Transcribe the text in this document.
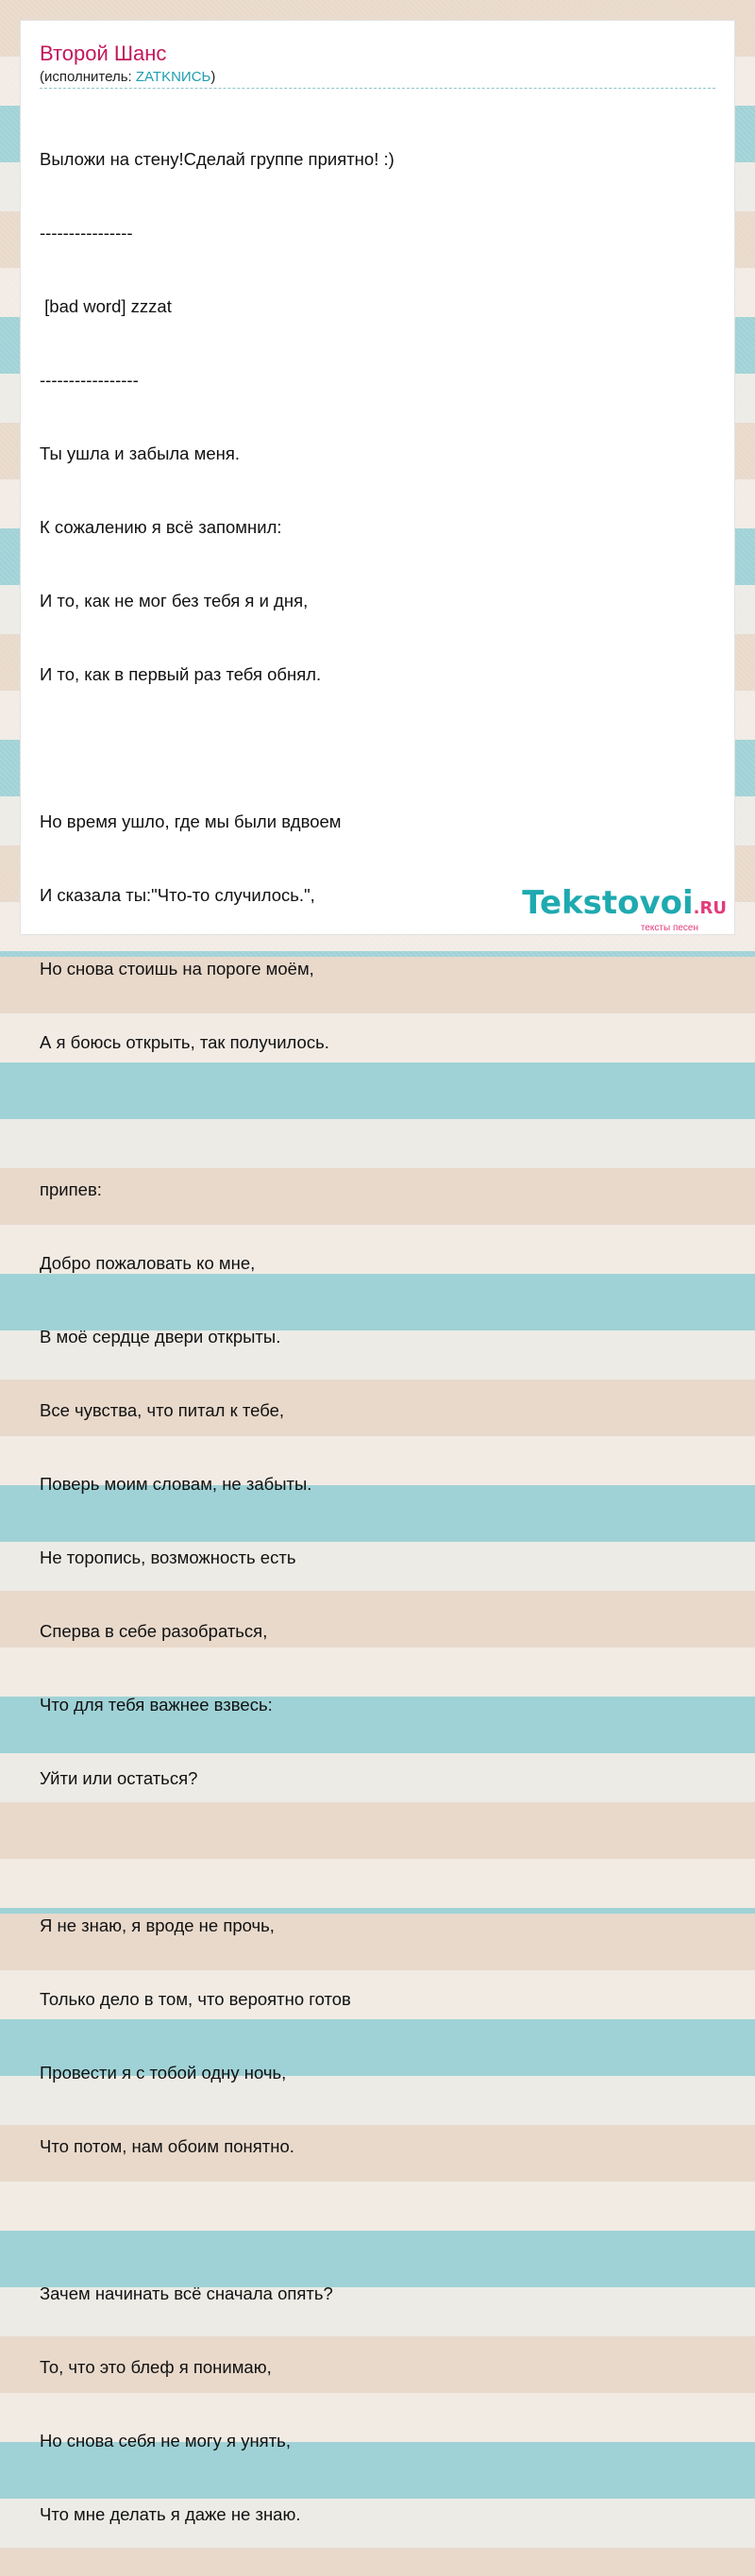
Второй Шанс
(исполнитель: ZATKNИСЬ)

Выложи на стену!Сделай группе приятно! :)

----------------

[bad word] zzzat

-----------------

Ты ушла и забыла меня.

К сожалению я всё запомнил:

И то, как не мог без тебя я и дня,

И то, как в первый раз тебя обнял.

Но время ушло, где мы были вдвоем

И сказала ты:"Что-то случилось.",

Но снова стоишь на пороге моём,

А я боюсь открыть, так получилось.

припев:

Добро пожаловать ко мне,

В моё сердце двери открыты.

Все чувства, что питал к тебе,

Поверь моим словам, не забыты.

Не торопись, возможность есть

Сперва в себе разобраться,

Что для тебя важнее взвесь:

Уйти или остаться?

Я не знаю, я вроде не прочь,

Только дело в том, что вероятно готов

Провести я с тобой одну ночь,

Что потом, нам обоим понятно.

Зачем начинать всё сначала опять?

То, что это блеф я понимаю,

Но снова себя не могу я унять,

Что мне делать я даже не знаю.

Tekstovoi.RU
тексты песен
